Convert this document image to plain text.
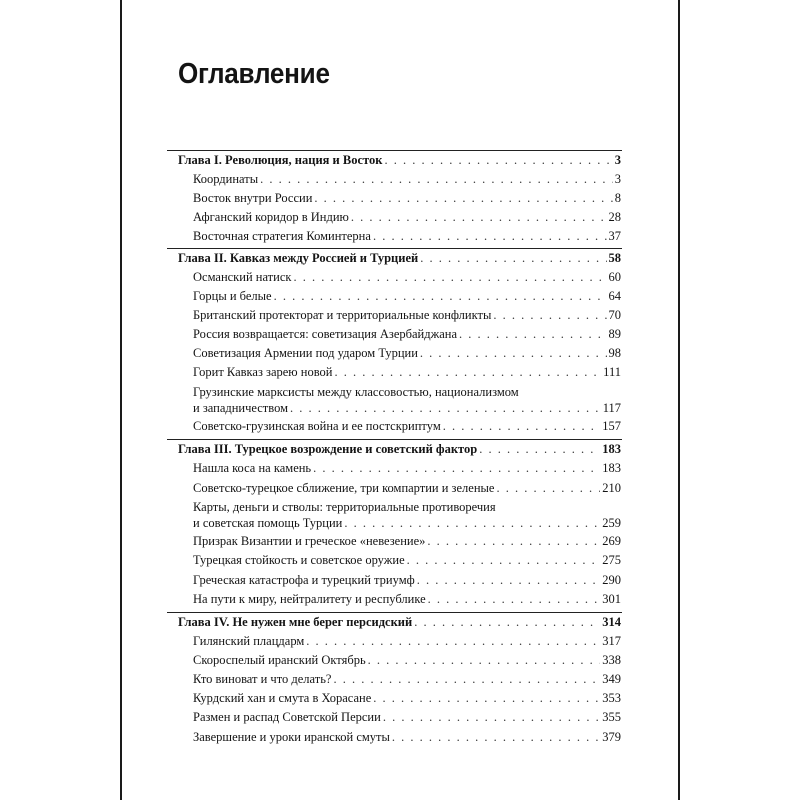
Оглавление
Глава I. Революция, нация и Восток . . .	3
Координаты . . .	3
Восток внутри России . . .	8
Афганский коридор в Индию . . .	28
Восточная стратегия Коминтерна . . .	37
Глава II. Кавказ между Россией и Турцией . . .	58
Османский натиск . . .	60
Горцы и белые . . .	64
Британский протекторат и территориальные конфликты . . .	70
Россия возвращается: советизация Азербайджана . . .	89
Советизация Армении под ударом Турции . . .	98
Горит Кавказ зарею новой . . .	111
Грузинские марксисты между классовостью, национализмом
и западничеством . . .	117
Советско-грузинская война и ее постскриптум . . .	157
Глава III. Турецкое возрождение и советский фактор . . .	183
Нашла коса на камень . . .	183
Советско-турецкое сближение, три компартии и зеленые . . .	210
Карты, деньги и стволы: территориальные противоречия
и советская помощь Турции . . .	259
Призрак Византии и греческое «невезение» . . .	269
Турецкая стойкость и советское оружие . . .	275
Греческая катастрофа и турецкий триумф . . .	290
На пути к миру, нейтралитету и республике . . .	301
Глава IV. Не нужен мне берег персидский . . .	314
Гилянский плацдарм . . .	317
Скороспелый иранский Октябрь . . .	338
Кто виноват и что делать? . . .	349
Курдский хан и смута в Хорасане . . .	353
Размен и распад Советской Персии . . .	355
Завершение и уроки иранской смуты . . .	379
